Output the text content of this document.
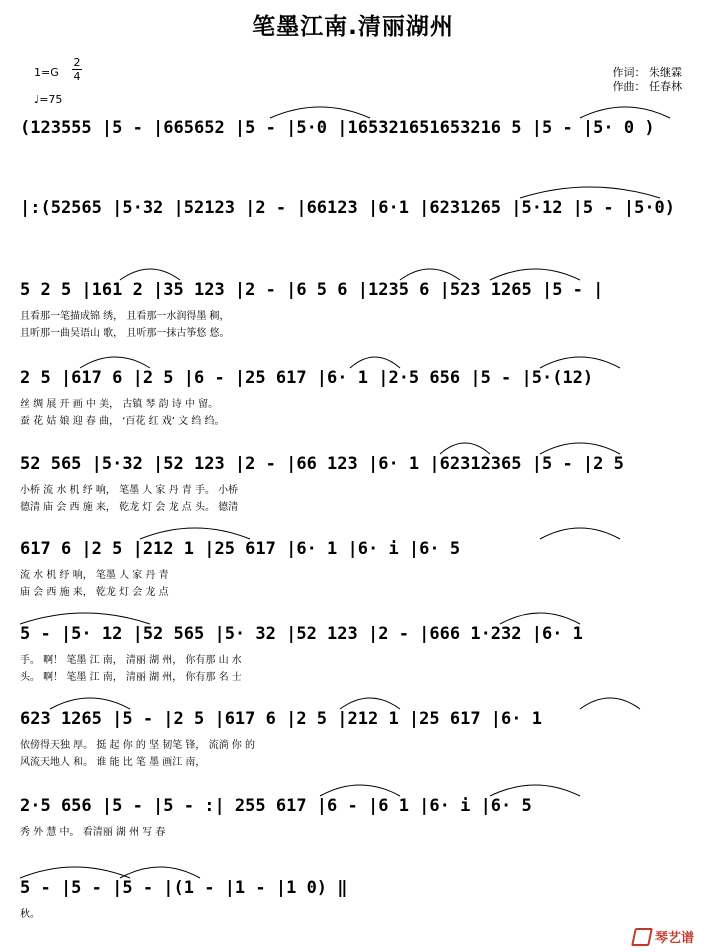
笔墨江南.清丽湖州
1=G
2
4
♩=75
作词： 朱继霖
作曲： 任春林
(123555 |5 - |665652 |5 - |5·0 |165321651653216 5 |5 - |5· 0 )
|:(52565 |5·32 |52123 |2 - |66123 |6·1 |6231265 |5·12 |5 - |5·0)
5 2 5 |161 2 |35 123 |2 - |6 5 6 |1235 6 |523 1265 |5 - |
且看那一笔描成锦 绣， 且看那一水润得墨 稠，
且听那一曲吴语山 歌， 且听那一抹古筝悠 悠。
2 5 |617 6 |2 5 |6 - |25 617 |6· 1 |2·5 656 |5 - |5·(12)
丝 绸 展 开 画 中 美， 古镇 琴 韵 诗 中 留。
蚕 花 姑 娘 迎 春 曲， ‘百花 红 戏’ 文 绉 绉。
52 565 |5·32 |52 123 |2 - |66 123 |6· 1 |62312365 |5 - |2 5
小桥 流 水 机 纾 响， 笔墨 人 家 丹 青 手。 小桥
德清 庙 会 西 施 来， 乾龙 灯 会 龙 点 头。 德清
617 6 |2 5 |212 1 |25 617 |6· 1 |6· i |6· 5
流 水 机 纾 响， 笔墨 人 家 丹 青
庙 会 西 施 来， 乾龙 灯 会 龙 点
5 - |5· 12 |52 565 |5· 32 |52 123 |2 - |666 1·232 |6· 1
手。 啊！ 笔墨 江 南， 清丽 湖 州， 你有那 山 水
头。 啊！ 笔墨 江 南， 清丽 湖 州， 你有那 名 士
623 1265 |5 - |2 5 |617 6 |2 5 |212 1 |25 617 |6· 1
依傍得天独 厚。 挺 起 你 的 坚 韧笔 锋， 流淌 你 的
风流天地人 和。 谁 能 比 笔 墨 画江 南，
2·5 656 |5 - |5 - :| 255 617 |6 - |6 1 |6· i |6· 5
秀 外 慧 中。 看清丽 湖 州 写 春
5 - |5 - |5 - |(1 - |1 - |1 0) ‖
秋。
琴艺谱
